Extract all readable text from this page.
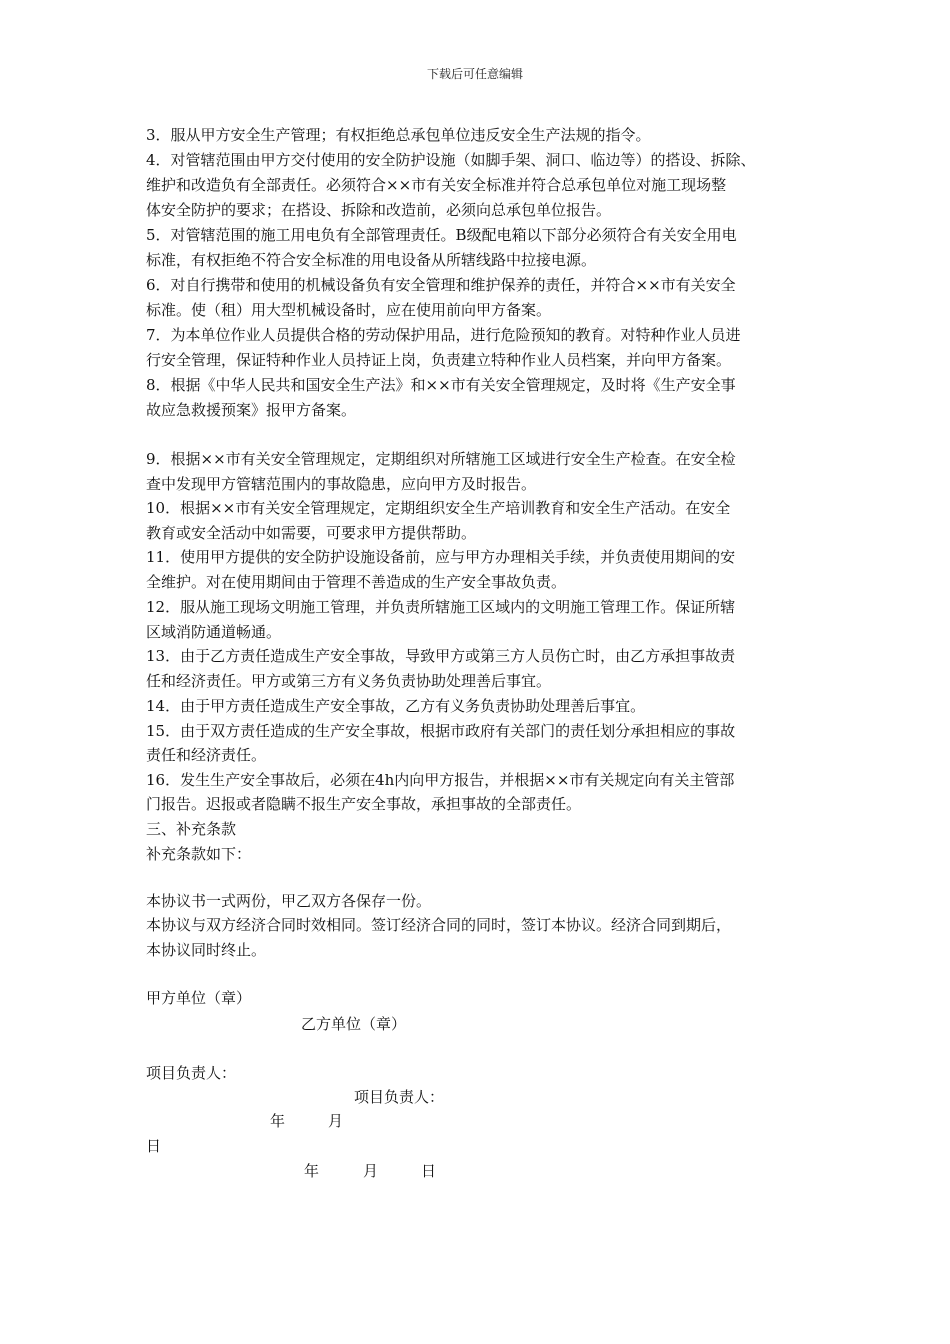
下载后可任意编辑
3．服从甲方安全生产管理；有权拒绝总承包单位违反安全生产法规的指令。
4．对管辖范围由甲方交付使用的安全防护设施（如脚手架、洞口、临边等）的搭设、拆除、
维护和改造负有全部责任。必须符合××市有关安全标准并符合总承包单位对施工现场整
体安全防护的要求；在搭设、拆除和改造前，必须向总承包单位报告。
5．对管辖范围的施工用电负有全部管理责任。B级配电箱以下部分必须符合有关安全用电
标准，有权拒绝不符合安全标准的用电设备从所辖线路中拉接电源。
6．对自行携带和使用的机械设备负有安全管理和维护保养的责任，并符合××市有关安全
标准。使（租）用大型机械设备时，应在使用前向甲方备案。
7．为本单位作业人员提供合格的劳动保护用品，进行危险预知的教育。对特种作业人员进
行安全管理，保证特种作业人员持证上岗，负责建立特种作业人员档案，并向甲方备案。
8．根据《中华人民共和国安全生产法》和××市有关安全管理规定，及时将《生产安全事
故应急救援预案》报甲方备案。
9．根据××市有关安全管理规定，定期组织对所辖施工区域进行安全生产检查。在安全检
查中发现甲方管辖范围内的事故隐患，应向甲方及时报告。
10．根据××市有关安全管理规定，定期组织安全生产培训教育和安全生产活动。在安全
教育或安全活动中如需要，可要求甲方提供帮助。
11．使用甲方提供的安全防护设施设备前，应与甲方办理相关手续，并负责使用期间的安
全维护。对在使用期间由于管理不善造成的生产安全事故负责。
12．服从施工现场文明施工管理，并负责所辖施工区域内的文明施工管理工作。保证所辖
区域消防通道畅通。
13．由于乙方责任造成生产安全事故，导致甲方或第三方人员伤亡时，由乙方承担事故责
任和经济责任。甲方或第三方有义务负责协助处理善后事宜。
14．由于甲方责任造成生产安全事故，乙方有义务负责协助处理善后事宜。
15．由于双方责任造成的生产安全事故，根据市政府有关部门的责任划分承担相应的事故
责任和经济责任。
16．发生生产安全事故后，必须在4h内向甲方报告，并根据××市有关规定向有关主管部
门报告。迟报或者隐瞒不报生产安全事故，承担事故的全部责任。
三、补充条款
补充条款如下：
本协议书一式两份，甲乙双方各保存一份。
本协议与双方经济合同时效相同。签订经济合同的同时，签订本协议。经济合同到期后，
本协议同时终止。
甲方单位（章）
乙方单位（章）
项目负责人：
项目负责人：
年	月
日
年	月	日
